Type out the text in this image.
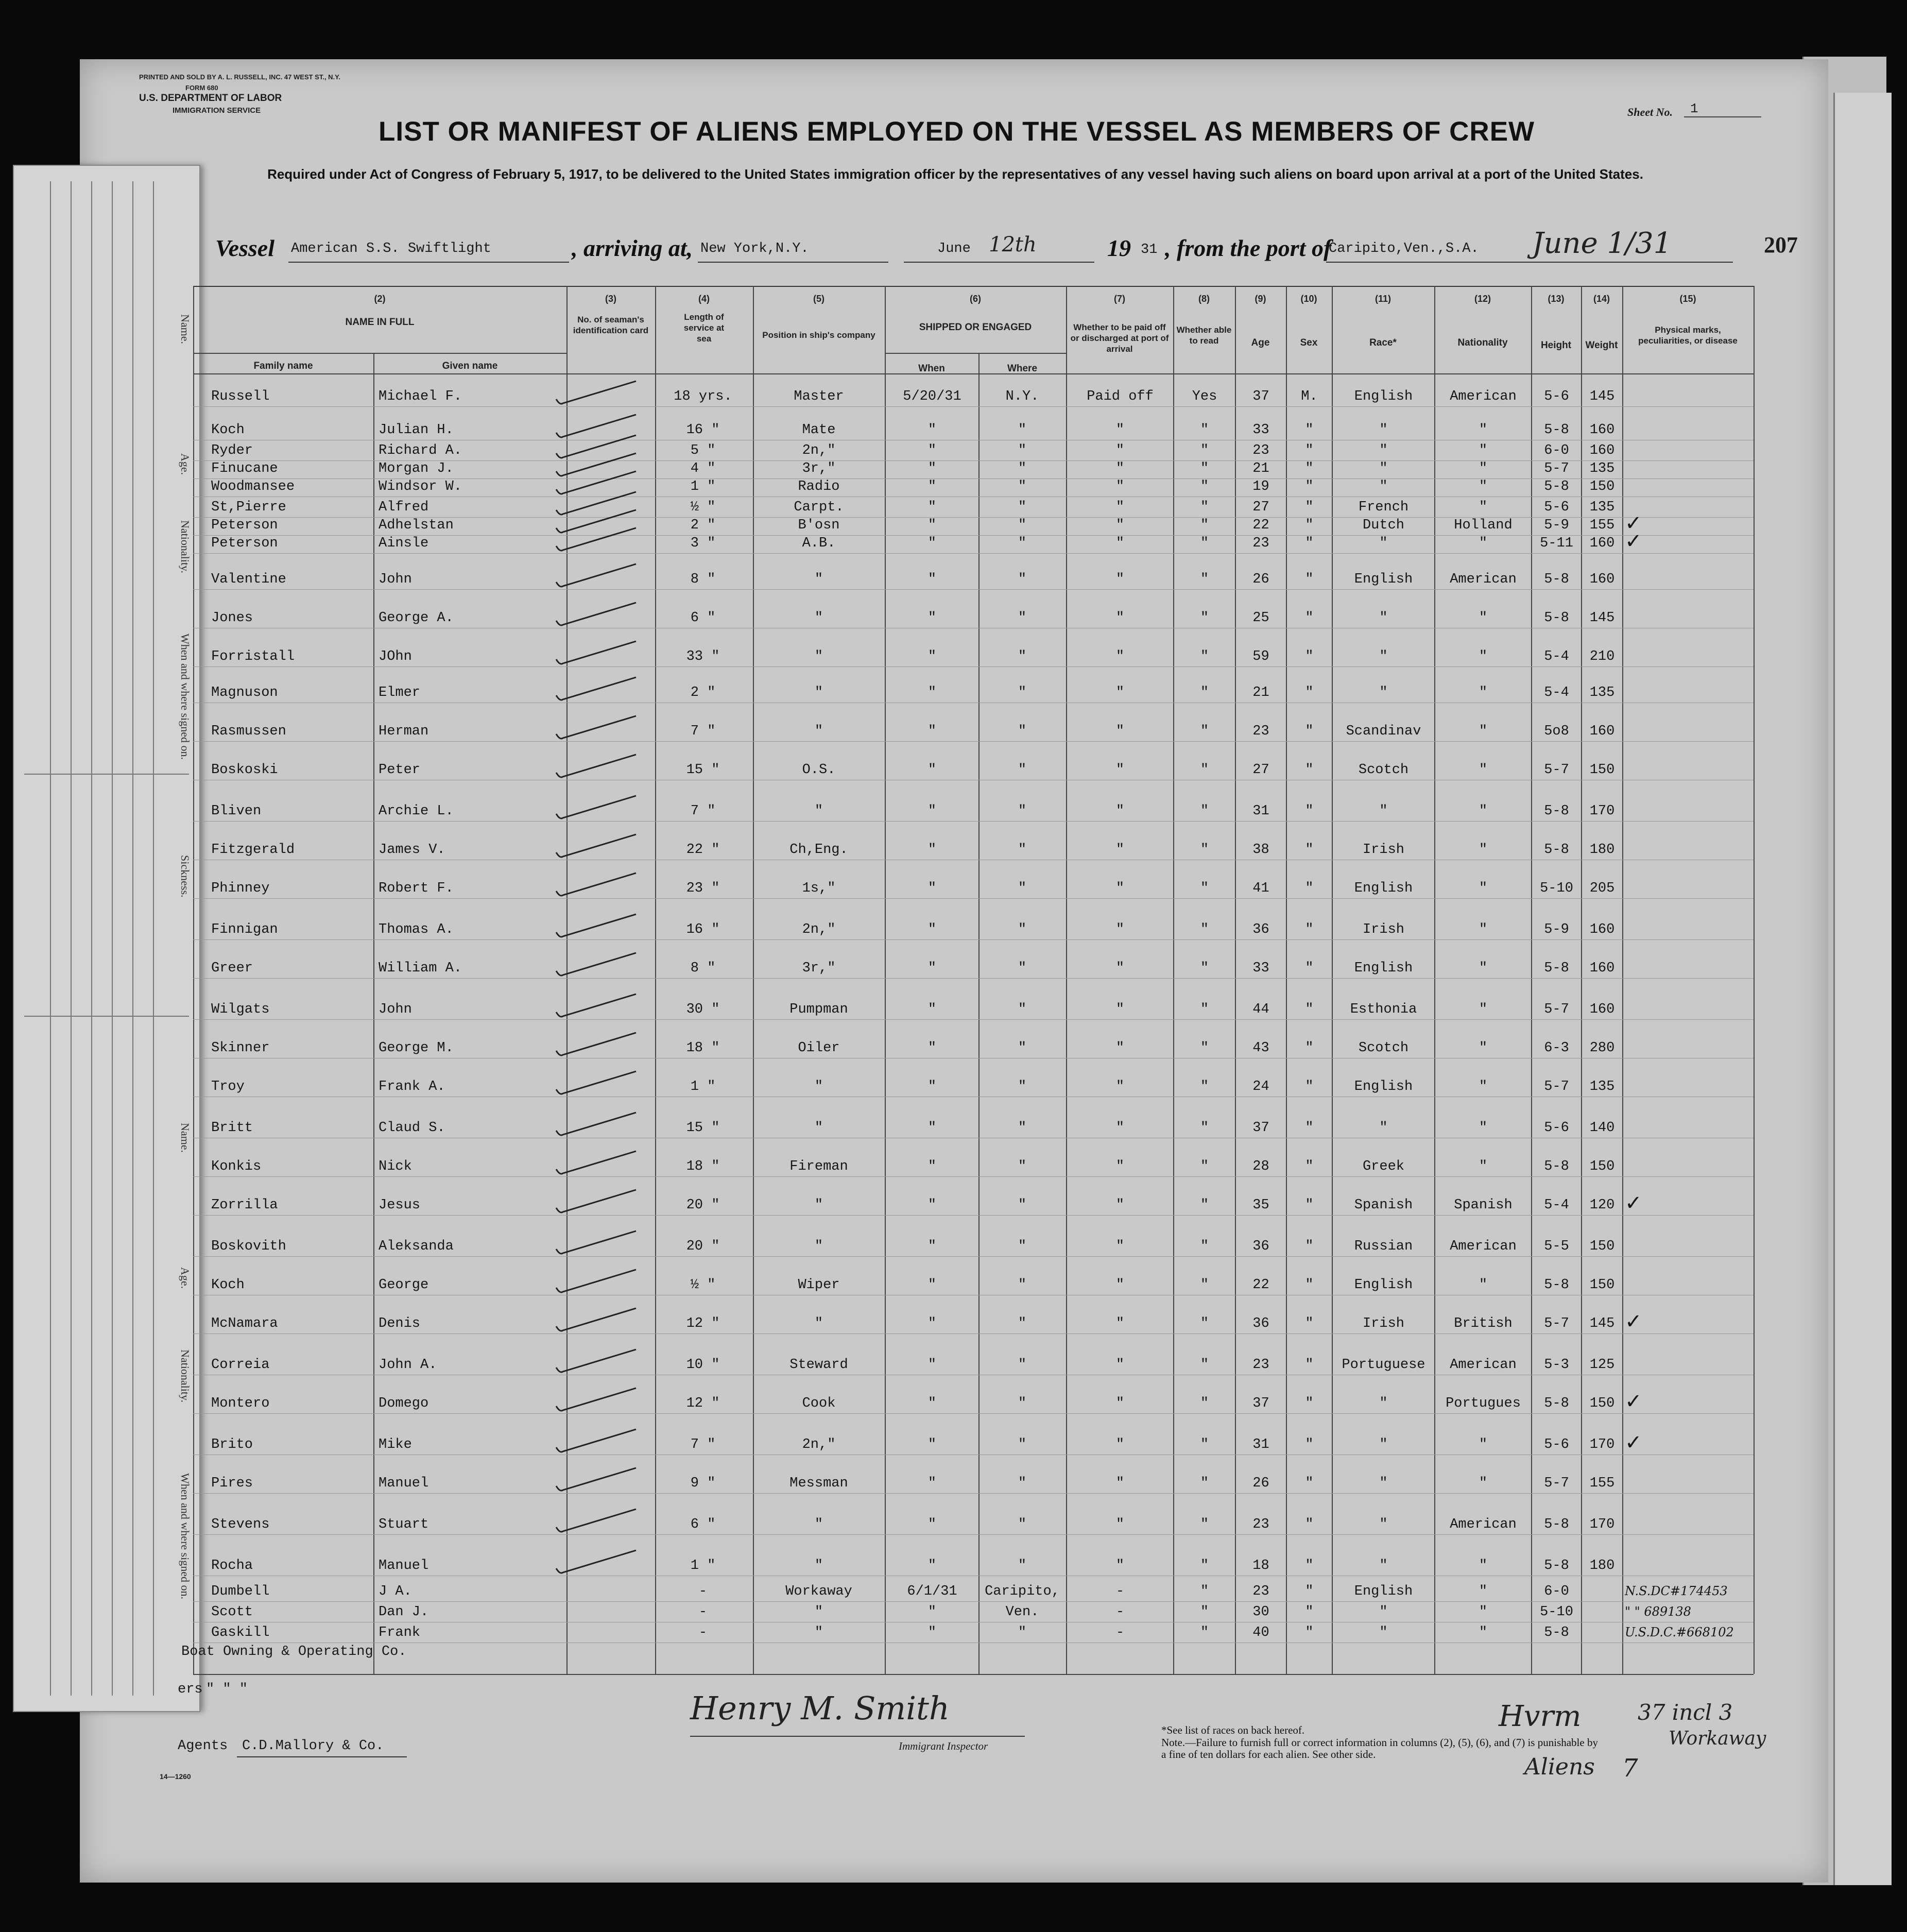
Name.
Age.
Nationality.
When and where signed on.
Sickness.
Name.
Age.
Nationality.
When and where signed on.
PRINTED AND SOLD BY A. L. RUSSELL, INC. 47 WEST ST., N.Y.
FORM 680
U.S. DEPARTMENT OF LABOR
IMMIGRATION SERVICE
LIST OR MANIFEST OF ALIENS EMPLOYED ON THE VESSEL AS MEMBERS OF CREW
Sheet No.	1
Required under Act of Congress of February 5, 1917, to be delivered to the United States immigration officer by the representatives of any vessel having such aliens on board upon arrival at a port of the United States.
Vessel American S.S. Swiftlight	, arriving at, New York,N.Y.	June 12th	19 31 , from the port of
Caripito,Ven.,S.A. June 1/31	207
(2)
NAME IN FULL
Family name	Given name
(3)
No. of seaman's identification card
(4)
Length of service at sea
(5)
Position in ship's company
(6)
SHIPPED OR ENGAGED
When	Where
(7)
Whether to be paid off or discharged at port of arrival
(8)
Whether able to read
(9)
Age
(10)
Sex
(11)
Race*
(12)
Nationality
(13)
Height
(14)
Weight
(15)
Physical marks, peculiarities, or disease
Russell	Michael F.	18 yrs.	Master	5/20/31	N.Y.	Paid off	Yes	37	M.	English	American	5-6	145
Koch	Julian H.	16 "	Mate	"	"	"	"	33	"	"	"	5-8	160
Ryder	Richard A.	5 "	2n,"	"	"	"	"	23	"	"	"	6-0	160
Finucane	Morgan J.	4 "	3r,"	"	"	"	"	21	"	"	"	5-7	135
Woodmansee	Windsor W.	1 "	Radio	"	"	"	"	19	"	"	"	5-8	150
St,Pierre	Alfred	½ "	Carpt.	"	"	"	"	27	"	French	"	5-6	135
Peterson	Adhelstan	2 "	B'osn	"	"	"	"	22	"	Dutch	Holland	5-9	155 ✓
Peterson	Ainsle	3 "	A.B.	"	"	"	"	23	"	"	"	5-11	160 ✓
Valentine	John	8 "	"	"	"	"	"	26	"	English	American	5-8	160
Jones	George A.	6 "	"	"	"	"	"	25	"	"	"	5-8	145
Forristall	JOhn	33 "	"	"	"	"	"	59	"	"	"	5-4	210
Magnuson	Elmer	2 "	"	"	"	"	"	21	"	"	"	5-4	135
Rasmussen	Herman	7 "	"	"	"	"	"	23	"	Scandinav	"	5o8	160
Boskoski	Peter	15 "	O.S.	"	"	"	"	27	"	Scotch	"	5-7	150
Bliven	Archie L.	7 "	"	"	"	"	"	31	"	"	"	5-8	170
Fitzgerald	James V.	22 "	Ch,Eng.	"	"	"	"	38	"	Irish	"	5-8	180
Phinney	Robert F.	23 "	1s,"	"	"	"	"	41	"	English	"	5-10	205
Finnigan	Thomas A.	16 "	2n,"	"	"	"	"	36	"	Irish	"	5-9	160
Greer	William A.	8 "	3r,"	"	"	"	"	33	"	English	"	5-8	160
Wilgats	John	30 "	Pumpman	"	"	"	"	44	"	Esthonia	"	5-7	160
Skinner	George M.	18 "	Oiler	"	"	"	"	43	"	Scotch	"	6-3	280
Troy	Frank A.	1 "	"	"	"	"	"	24	"	English	"	5-7	135
Britt	Claud S.	15 "	"	"	"	"	"	37	"	"	"	5-6	140
Konkis	Nick	18 "	Fireman	"	"	"	"	28	"	Greek	"	5-8	150
Zorrilla	Jesus	20 "	"	"	"	"	"	35	"	Spanish	Spanish	5-4	120 ✓
Boskovith	Aleksanda	20 "	"	"	"	"	"	36	"	Russian	American	5-5	150
Koch	George	½ "	Wiper	"	"	"	"	22	"	English	"	5-8	150
McNamara	Denis	12 "	"	"	"	"	"	36	"	Irish	British	5-7	145 ✓
Correia	John A.	10 "	Steward	"	"	"	"	23	"	Portuguese	American	5-3	125
Montero	Domego	12 "	Cook	"	"	"	"	37	"	"	Portugues	5-8	150 ✓
Brito	Mike	7 "	2n,"	"	"	"	"	31	"	"	"	5-6	170 ✓
Pires	Manuel	9 "	Messman	"	"	"	"	26	"	"	"	5-7	155
Stevens	Stuart	6 "	"	"	"	"	"	23	"	"	American	5-8	170
Rocha	Manuel	1 "	"	"	"	"	"	18	"	"	"	5-8	180
Dumbell	J A.	-	Workaway	6/1/31	Caripito,	-	"	23	"	English	"	6-0	N.S.DC#174453
Scott	Dan J.	-	"	"	Ven.	-	"	30	"	"	"	5-10	" " 689138
Gaskill	Frank	-	"	"	"	-	"	40	"	"	"	5-8	U.S.D.C.#668102
Boat Owning & Operating Co.
ers " " "
Agents C.D.Mallory & Co.
Henry M. Smith
Immigrant Inspector
*See list of races on back hereof.
Note.—Failure to furnish full or correct information in columns (2), (5), (6), and (7) is punishable by a fine of ten dollars for each alien. See other side.
Hvrm	37 incl 3
Workaway
Aliens 7
14—1260
